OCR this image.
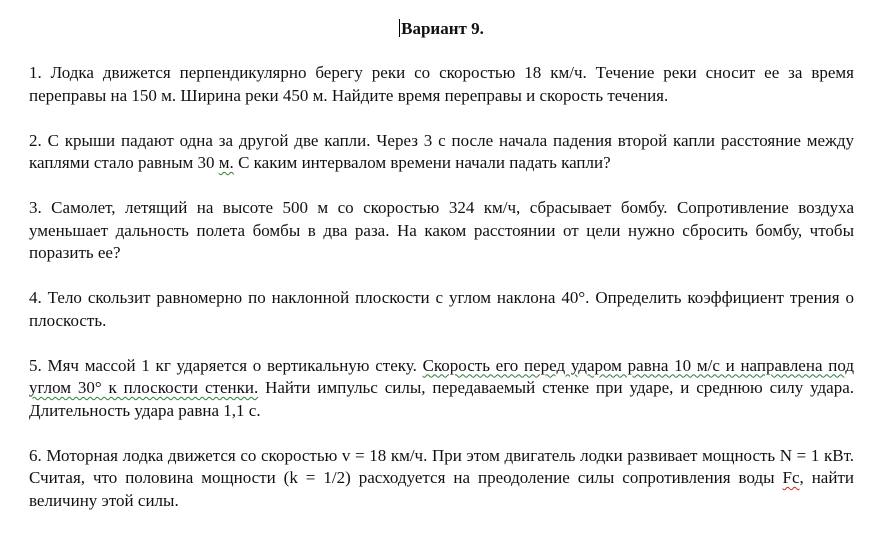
Вариант 9.

1. Лодка движется перпендикулярно берегу реки со скоростью 18 км/ч. Течение реки сносит ее за время переправы на 150 м. Ширина реки 450 м. Найдите время переправы и скорость течения.

2. С крыши падают одна за другой две капли. Через 3 с после начала падения второй капли расстояние между каплями стало равным 30 м. С каким интервалом времени начали падать капли?

3. Самолет, летящий на высоте 500 м со скоростью 324 км/ч, сбрасывает бомбу. Сопротивление воздуха уменьшает дальность полета бомбы в два раза. На каком расстоянии от цели нужно сбросить бомбу, чтобы поразить ее?

4. Тело скользит равномерно по наклонной плоскости с углом наклона 40°. Определить коэффициент трения о плоскость.

5. Мяч массой 1 кг ударяется о вертикальную стеку. Скорость его перед ударом равна 10 м/с и направлена под углом 30° к плоскости стенки. Найти импульс силы, передаваемый стенке при ударе, и среднюю силу удара. Длительность удара равна 1,1 с.

6. Моторная лодка движется со скоростью v = 18 км/ч. При этом двигатель лодки развивает мощность N = 1 кВт. Считая, что половина мощности (k = 1/2) расходуется на преодоление силы сопротивления воды Fc, найти величину этой силы.
